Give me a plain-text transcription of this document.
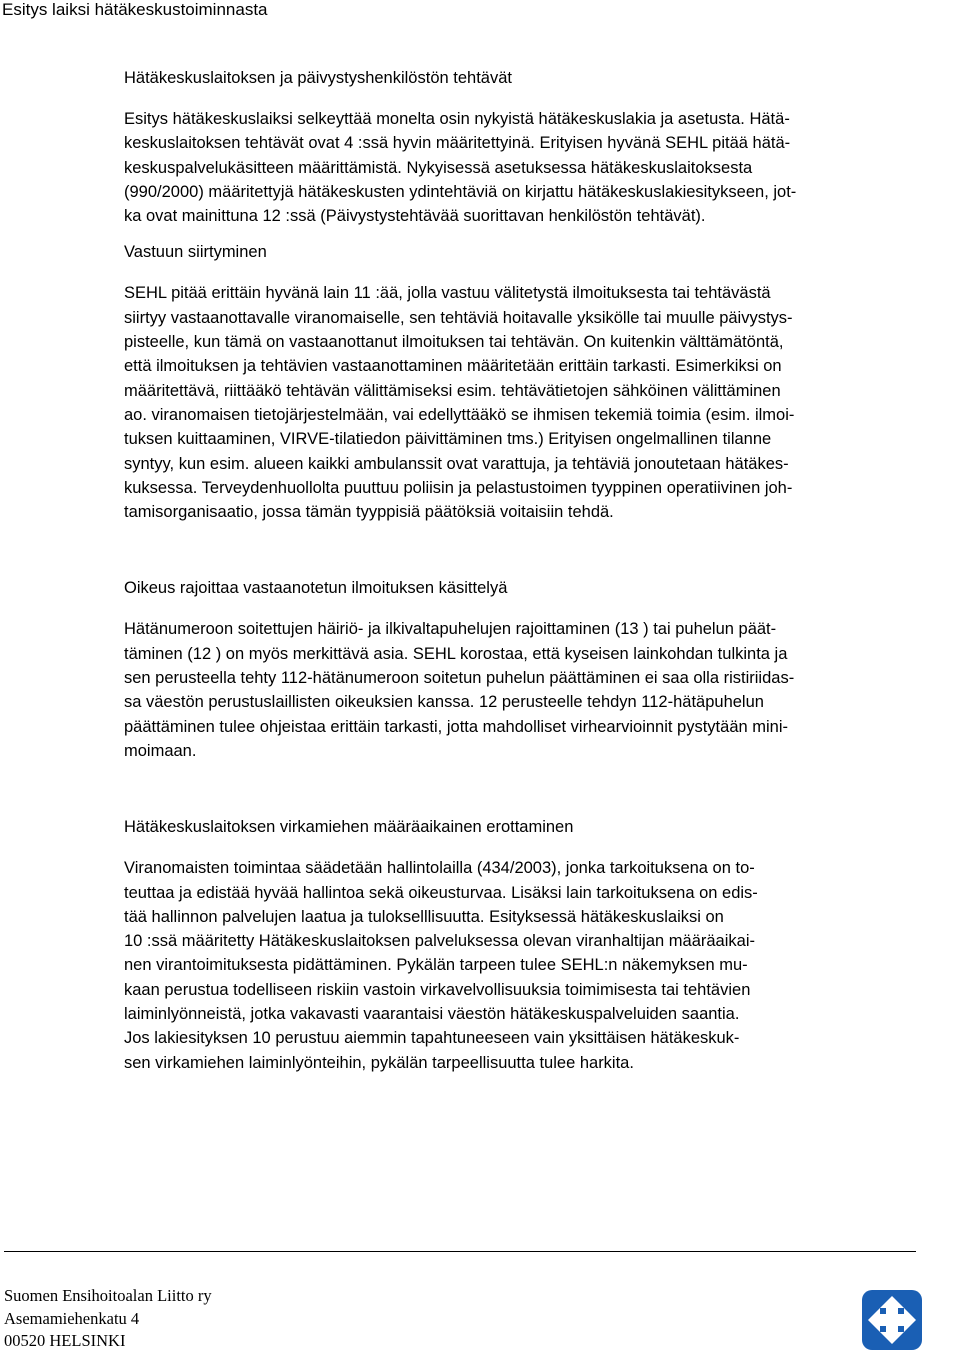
Esitys laiksi hätäkeskustoiminnasta
Hätäkeskuslaitoksen ja päivystyshenkilöstön tehtävät

Esitys hätäkeskuslaiksi selkeyttää monelta osin nykyistä hätäkeskuslakia ja asetusta. Hätä-
keskuslaitoksen tehtävät ovat 4 :ssä hyvin määritettyinä. Erityisen hyvänä SEHL pitää hätä-
keskuspalvelukäsitteen määrittämistä. Nykyisessä asetuksessa hätäkeskuslaitoksesta
(990/2000) määritettyjä hätäkeskusten ydintehtäviä on kirjattu hätäkeskuslakiesitykseen, jot-
ka ovat mainittuna 12 :ssä (Päivystystehtävää suorittavan henkilöstön tehtävät).

Vastuun siirtyminen

SEHL pitää erittäin hyvänä lain 11 :ää, jolla vastuu välitetystä ilmoituksesta tai tehtävästä
siirtyy vastaanottavalle viranomaiselle, sen tehtäviä hoitavalle yksikölle tai muulle päivystys-
pisteelle, kun tämä on vastaanottanut ilmoituksen tai tehtävän. On kuitenkin välttämätöntä,
että ilmoituksen ja tehtävien vastaanottaminen määritetään erittäin tarkasti. Esimerkiksi on
määritettävä, riittääkö tehtävän välittämiseksi esim. tehtävätietojen sähköinen välittäminen
ao. viranomaisen tietojärjestelmään, vai edellyttääkö se ihmisen tekemiä toimia (esim. ilmoi-
tuksen kuittaaminen, VIRVE-tilatiedon päivittäminen tms.) Erityisen ongelmallinen tilanne
syntyy, kun esim. alueen kaikki ambulanssit ovat varattuja, ja tehtäviä jonoutetaan hätäkes-
kuksessa. Terveydenhuollolta puuttuu poliisin ja pelastustoimen tyyppinen operatiivinen joh-
tamisorganisaatio, jossa tämän tyyppisiä päätöksiä voitaisiin tehdä.

Oikeus rajoittaa vastaanotetun ilmoituksen käsittelyä

Hätänumeroon soitettujen häiriö- ja ilkivaltapuhelujen rajoittaminen (13 ) tai puhelun päät-
täminen (12 ) on myös merkittävä asia. SEHL korostaa, että kyseisen lainkohdan tulkinta ja
sen perusteella tehty 112-hätänumeroon soitetun puhelun päättäminen ei saa olla ristiriidas-
sa väestön perustuslaillisten oikeuksien kanssa. 12 perusteelle tehdyn 112-hätäpuhelun
päättäminen tulee ohjeistaa erittäin tarkasti, jotta mahdolliset virhearvioinnit pystytään mini-
moimaan.

Hätäkeskuslaitoksen virkamiehen määräaikainen erottaminen

Viranomaisten toimintaa säädetään hallintolailla (434/2003), jonka tarkoituksena on to-
teuttaa ja edistää hyvää hallintoa sekä oikeusturvaa. Lisäksi lain tarkoituksena on edis-
tää hallinnon palvelujen laatua ja tulokselllisuutta. Esityksessä hätäkeskuslaiksi on
10 :ssä määritetty Hätäkeskuslaitoksen palveluksessa olevan viranhaltijan määräaikai-
nen virantoimituksesta pidättäminen. Pykälän tarpeen tulee SEHL:n näkemyksen mu-
kaan perustua todelliseen riskiin vastoin virkavelvollisuuksia toimimisesta tai tehtävien
laiminlyönneistä, jotka vakavasti vaarantaisi väestön hätäkeskuspalveluiden saantia.
Jos lakiesityksen 10 perustuu aiemmin tapahtuneeseen vain yksittäisen hätäkeskuk-
sen virkamiehen laiminlyönteihin, pykälän tarpeellisuutta tulee harkita.

Suomen Ensihoitoalan Liitto ry
Asemamiehenkatu 4
00520 HELSINKI
